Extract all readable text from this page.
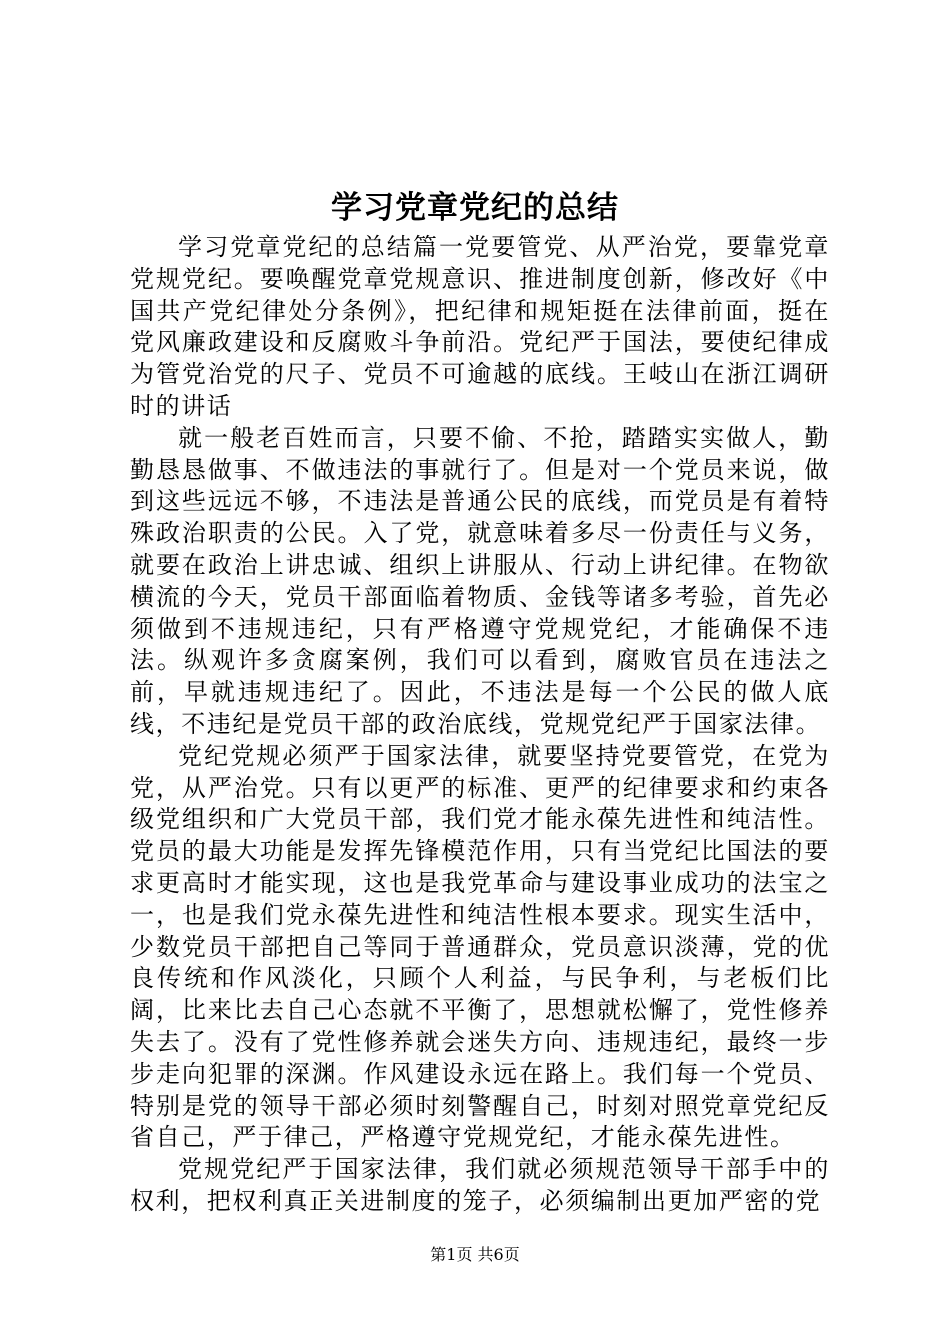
学习党章党纪的总结

学习党章党纪的总结篇一党要管党、从严治党，要靠党章党规党纪。要唤醒党章党规意识、推进制度创新，修改好《中国共产党纪律处分条例》，把纪律和规矩挺在法律前面，挺在党风廉政建设和反腐败斗争前沿。党纪严于国法，要使纪律成为管党治党的尺子、党员不可逾越的底线。王岐山在浙江调研时的讲话

就一般老百姓而言，只要不偷、不抢，踏踏实实做人，勤勤恳恳做事、不做违法的事就行了。但是对一个党员来说，做到这些远远不够，不违法是普通公民的底线，而党员是有着特殊政治职责的公民。入了党，就意味着多尽一份责任与义务，就要在政治上讲忠诚、组织上讲服从、行动上讲纪律。在物欲横流的今天，党员干部面临着物质、金钱等诸多考验，首先必须做到不违规违纪，只有严格遵守党规党纪，才能确保不违法。纵观许多贪腐案例，我们可以看到，腐败官员在违法之前，早就违规违纪了。因此，不违法是每一个公民的做人底线，不违纪是党员干部的政治底线，党规党纪严于国家法律。

党纪党规必须严于国家法律，就要坚持党要管党，在党为党，从严治党。只有以更严的标准、更严的纪律要求和约束各级党组织和广大党员干部，我们党才能永葆先进性和纯洁性。党员的最大功能是发挥先锋模范作用，只有当党纪比国法的要求更高时才能实现，这也是我党革命与建设事业成功的法宝之一，也是我们党永葆先进性和纯洁性根本要求。现实生活中，少数党员干部把自己等同于普通群众，党员意识淡薄，党的优良传统和作风淡化，只顾个人利益，与民争利，与老板们比阔，比来比去自己心态就不平衡了，思想就松懈了，党性修养失去了。没有了党性修养就会迷失方向、违规违纪，最终一步步走向犯罪的深渊。作风建设永远在路上。我们每一个党员、特别是党的领导干部必须时刻警醒自己，时刻对照党章党纪反省自己，严于律己，严格遵守党规党纪，才能永葆先进性。

党规党纪严于国家法律，我们就必须规范领导干部手中的权利，把权利真正关进制度的笼子，必须编制出更加严密的党

第1页 共6页
